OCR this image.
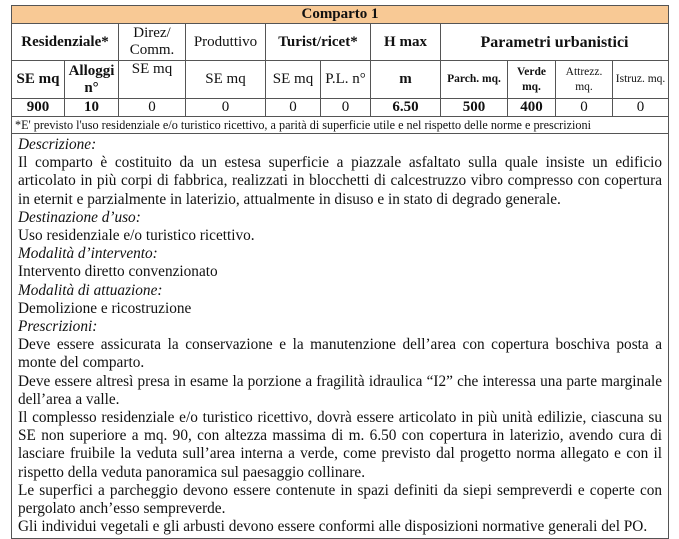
Comparto 1										
Residenziale*		Direz/ Comm.	Produttivo	Turist/ricet*		H max	Parametri urbanistici			
SE mq	Alloggi n°	SE mq	SE mq	SE mq	P.L. n°	m	Parch. mq.	Verde mq.	Attrezz. mq.	Istruz. mq.
900	10	0	0	0	0	6.50	500	400	0	0
*E' previsto l'uso residenziale e/o turistico ricettivo, a parità di superficie utile e nel rispetto delle norme e prescrizioni										

Descrizione:

Il comparto è costituito da un estesa superficie a piazzale asfaltato sulla quale insiste un edificio articolato in più corpi di fabbrica, realizzati in blocchetti di calcestruzzo vibro compresso con copertura in eternit e parzialmente in laterizio, attualmente in disuso e in stato di degrado generale.

Destinazione d’uso:

Uso residenziale e/o turistico ricettivo.

Modalità d’intervento:

Intervento diretto convenzionato

Modalità di attuazione:

Demolizione e ricostruzione

Prescrizioni:

Deve essere assicurata la conservazione e la manutenzione dell’area con copertura boschiva posta a monte del comparto.

Deve essere altresì presa in esame la porzione a fragilità idraulica “I2” che interessa una parte marginale dell’area a valle.

Il complesso residenziale e/o turistico ricettivo, dovrà essere articolato in più unità edilizie, ciascuna su SE non superiore a mq. 90, con altezza massima di m. 6.50 con copertura in laterizio, avendo cura di lasciare fruibile la veduta sull’area interna a verde, come previsto dal progetto norma allegato e con il rispetto della veduta panoramica sul paesaggio collinare.

Le superfici a parcheggio devono essere contenute in spazi definiti da siepi sempreverdi e coperte con pergolato anch’esso sempreverde.

Gli individui vegetali e gli arbusti devono essere conformi alle disposizioni normative generali del PO.
